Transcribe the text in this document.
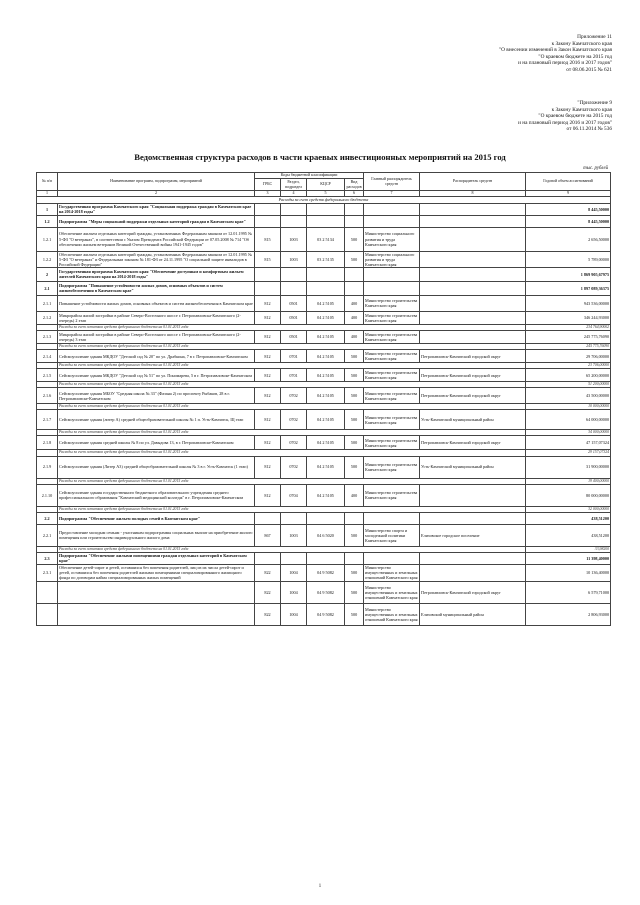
Приложение 11
к Закону Камчатского края
"О внесении изменений в Закон Камчатского края
"О краевом бюджете на 2015 год
и на плановый период 2016 и 2017 годов"
от 08.06.2015 № 621
"Приложение 9
к Закону Камчатского края
"О краевом бюджете на 2015 год
и на плановый период 2016 и 2017 годов"
от 06.11.2014 № 536
Ведомственная структура расходов в части краевых инвестиционных мероприятий на 2015 год
тыс. рублей
№ п/п	Наименование программ, подпрограмм, мероприятий	Коды бюджетной классификации				Главный распорядитель средств	Распорядитель средств	Годовой объем ассигнований
		ГРБС	Раздел, подраздел	КЦСР	Вид расходов			
1	2	3	4	5	6	7	8	9
Расходы за счет средств федерального бюджета								
1	Государственная программа Камчатского края "Социальная поддержка граждан в Камчатском крае на 2014-2018 годы"							8 445,50000
1.2	Подпрограмма "Меры социальной поддержки отдельных категорий граждан в Камчатском крае"							8 445,50000
1.2.1	Обеспечение жильем отдельных категорий граждан, установленных Федеральным законом от 12.01.1995 № 5-ФЗ "О ветеранах", в соответствии с Указом Президента Российской Федерации от 07.05.2008 № 714 "Об обеспечении жильем ветеранов Великой Отечественной войны 1941-1945 годов"	815	1003	03 2 5134	500	Министерство социального развития и труда Камчатского края		2 656,50000
1.2.2	Обеспечение жильем отдельных категорий граждан, установленных Федеральным законом от 12.01.1995 № 5-ФЗ "О ветеранах" и Федеральным законом № 181-ФЗ от 24.11.1995 "О социальной защите инвалидов в Российской Федерации"	815	1003	03 2 5135	500	Министерство социального развития и труда Камчатского края		5 789,00000
2	Государственная программа Камчатского края "Обеспечение доступным и комфортным жильем жителей Камчатского края на 2014-2018 годы"							1 869 905,67975
2.1	Подпрограмма "Повышение устойчивости жилых домов, основных объектов и систем жизнеобеспечения в Камчатском крае"							1 897 089,36375
2.1.1	Повышение устойчивости жилых домов, основных объектов и систем жизнеобеспечения в Камчатском крае	812	0501	04 2 5105	400	Министерство строительства Камчатского края		943 536,00000
2.1.2	Микрорайон жилой застройки в районе Северо-Восточного шоссе г. Петропавловска-Камчатского (2-очередь) 2 этап	812	0501	04 2 5105	400	Министерство строительства Камчатского края		346 244,93000
	Расходы за счет остатков средств федерального бюджета на 01.01.2015 года							234 764,90002
2.1.3	Микрорайон жилой застройки в районе Северо-Восточного шоссе г. Петропавловска-Камчатского (2-очередь) 3 этап	812	0501	04 2 5105	400	Министерство строительства Камчатского края		245 775,76090
	Расходы за счет остатков средств федерального бюджета на 01.01.2015 года							245 775,76090
2.1.4	Сейсмоусиление здания МКДОУ "Детский сад № 20" по ул. Драбкина, 7 в г. Петропавловске-Камчатском	812	0701	04 2 5105	500	Министерство строительства Камчатского края	Петропавловск-Камчатский городской округ	29 706,00000
	Расходы за счет остатков средств федерального бюджета на 01.01.2015 года							23 706,00000
2.1.5	Сейсмоусиление здания МКДОУ "Детский сад № 51" по ул. Пономарева, 5 в г. Петропавловске-Камчатском	812	0701	04 2 5105	500	Министерство строительства Камчатского края	Петропавловск-Камчатский городской округ	65 200,00000
	Расходы за счет остатков средств федерального бюджета на 01.01.2015 года							51 200,00000
2.1.6	Сейсмоусиление здания МБОУ "Средняя школа № 33" (Фазана 2) по проспекту Рыбаков, 28 в г. Петропавловске-Камчатском	812	0702	04 2 5105	500	Министерство строительства Камчатского края	Петропавловск-Камчатский городской округ	43 500,00000
	Расходы за счет остатков средств федерального бюджета на 01.01.2015 года							10 000,00000
2.1.7	Сейсмоусиление здания (литер А) средней общеобразовательной школы № 1 п. Усть-Камчатск, Щ этап	812	0702	04 2 5105	500	Министерство строительства Камчатского края	Усть-Камчатский муниципальный район	64 000,00000
	Расходы за счет остатков средств федерального бюджета на 01.01.2015 года							34 000,00000
2.1.8	Сейсмоусиление здания средней школы № 8 по ул. Давыдова 13, в г. Петропавловске-Камчатском	812	0702	04 2 5105	500	Министерство строительства Камчатского края	Петропавловск-Камчатский городской округ	47 157,07324
	Расходы за счет остатков средств федерального бюджета на 01.01.2015 года							29 157,07324
2.1.9	Сейсмоусиление здания (Литер А3) средней общеобразовательной школы № 3 в г. Усть-Камчатск (1 этап)	812	0702	04 2 5105	500	Министерство строительства Камчатского края	Усть-Камчатский муниципальный район	31 900,00000
	Расходы за счет остатков средств федерального бюджета на 01.01.2015 года							19 400,00000
2.1.10	Сейсмоусиление здания государственного бюджетного образовательного учреждения среднего профессионального образования "Камчатский медицинский колледж" в г. Петропавловске-Камчатском	812	0704	04 2 5105	400	Министерство строительства Камчатского края		80 000,00000
	Расходы за счет остатков средств федерального бюджета на 01.01.2015 года							32 000,00000
2.2	Подпрограмма "Обеспечение жильем молодых семей в Камчатском крае"							438,51200
2.2.1	Предоставление молодым семьям - участникам подпрограммы социальных выплат на приобретение жилого помещения или строительство индивидуального жилого дома	867	1003	04 6 5020	500	Министерство спорта и молодежной политики Камчатского края	Елизовское городское поселение	438,51200
	Расходы за счет остатков средств федерального бюджета на 01.01.2015 года							33,98200
2.3	Подпрограмма "Обеспечение жилыми помещениями граждан отдельных категорий в Камчатском крае"							11 398,40000
2.3.1	Обеспечение детей-сирот и детей, оставшихся без попечения родителей, лиц из их числа детей-сирот и детей, оставшихся без попечения родителей жилыми помещениями специализированного жилищного фонда по договорам найма специализированных жилых помещений	822	1004	04 9 5082	500	Министерство имущественных и земельных отношений Камчатского края		10 136,40000
		822	1004	04 9 5082	500	Министерство имущественных и земельных отношений Камчатского края	Петропавловск-Камчатский городской округ	6 579,71000
		822	1004	04 9 5082	500	Министерство имущественных и земельных отношений Камчатского края	Елизовский муниципальный район	2 806,93000
1
